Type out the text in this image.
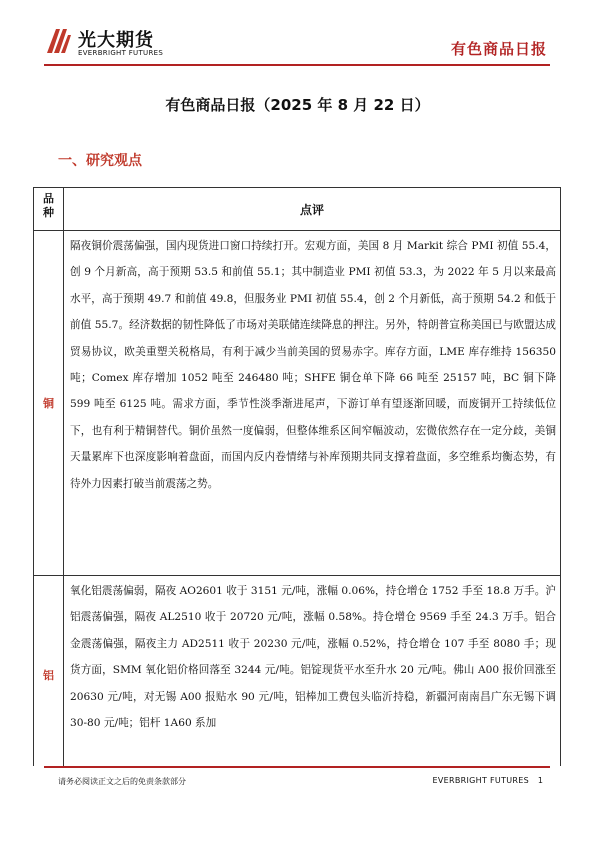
光大期货
EVERBRIGHT FUTURES	有色商品日报
有色商品日报（2025 年 8 月 22 日）
一、研究观点
品种	点评
铜	隔夜铜价震荡偏强，国内现货进口窗口持续打开。宏观方面，美国 8 月 Markit 综合 PMI 初值 55.4，创 9 个月新高，高于预期 53.5 和前值 55.1；其中制造业 PMI 初值 53.3，为 2022 年 5 月以来最高水平，高于预期 49.7 和前值 49.8，但服务业 PMI 初值 55.4，创 2 个月新低，高于预期 54.2 和低于前值 55.7。经济数据的韧性降低了市场对美联储连续降息的押注。另外，特朗普宣称美国已与欧盟达成贸易协议，欧美重塑关税格局，有利于减少当前美国的贸易赤字。库存方面，LME 库存维持 156350 吨；Comex 库存增加 1052 吨至 246480 吨；SHFE 铜仓单下降 66 吨至 25157 吨，BC 铜下降 599 吨至 6125 吨。需求方面，季节性淡季渐进尾声，下游订单有望逐渐回暖，而废铜开工持续低位下，也有利于精铜替代。铜价虽然一度偏弱，但整体维系区间窄幅波动，宏微依然存在一定分歧，美铜天量累库下也深度影响着盘面，而国内反内卷情绪与补库预期共同支撑着盘面，多空维系均衡态势，有待外力因素打破当前震荡之势。
铝	氧化铝震荡偏弱，隔夜 AO2601 收于 3151 元/吨，涨幅 0.06%，持仓增仓 1752 手至 18.8 万手。沪铝震荡偏强，隔夜 AL2510 收于 20720 元/吨，涨幅 0.58%。持仓增仓 9569 手至 24.3 万手。铝合金震荡偏强，隔夜主力 AD2511 收于 20230 元/吨，涨幅 0.52%，持仓增仓 107 手至 8080 手；现货方面，SMM 氧化铝价格回落至 3244 元/吨。铝锭现货平水至升水 20 元/吨。佛山 A00 报价回涨至 20630 元/吨，对无锡 A00 报贴水 90 元/吨，铝棒加工费包头临沂持稳，新疆河南南昌广东无锡下调 30-80 元/吨；铝杆 1A60 系加
请务必阅读正文之后的免责条款部分	EVERBRIGHT FUTURES 1
